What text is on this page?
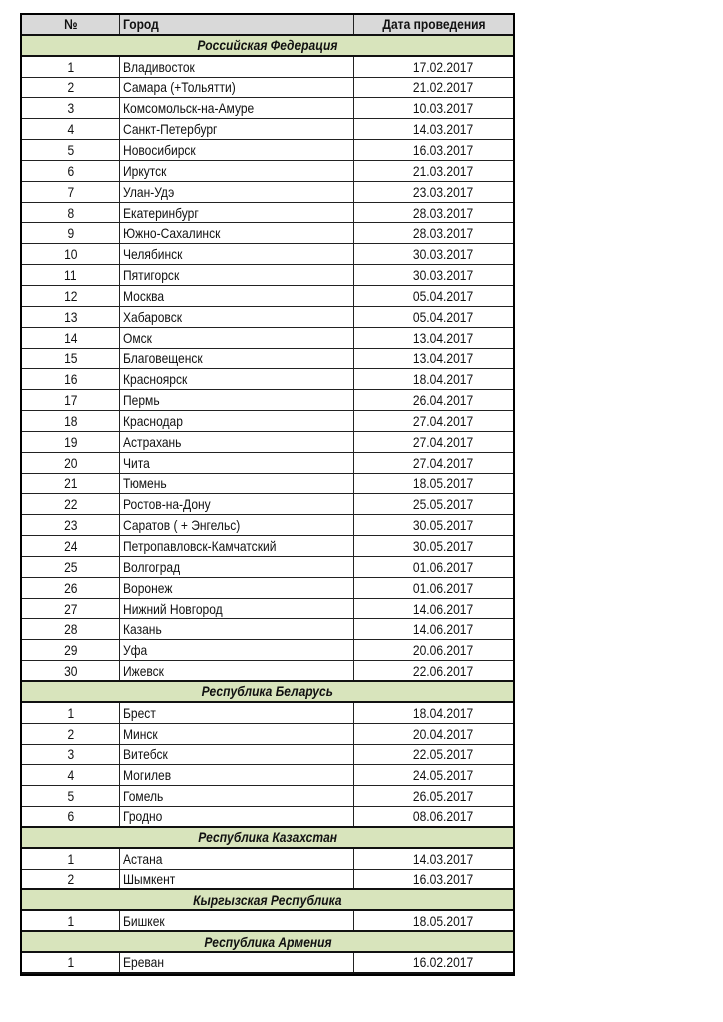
№	Город	Дата проведения
Российская Федерация
1	Владивосток	17.02.2017
2	Самара (+Тольятти)	21.02.2017
3	Комсомольск-на-Амуре	10.03.2017
4	Санкт-Петербург	14.03.2017
5	Новосибирск	16.03.2017
6	Иркутск	21.03.2017
7	Улан-Удэ	23.03.2017
8	Екатеринбург	28.03.2017
9	Южно-Сахалинск	28.03.2017
10	Челябинск	30.03.2017
11	Пятигорск	30.03.2017
12	Москва	05.04.2017
13	Хабаровск	05.04.2017
14	Омск	13.04.2017
15	Благовещенск	13.04.2017
16	Красноярск	18.04.2017
17	Пермь	26.04.2017
18	Краснодар	27.04.2017
19	Астрахань	27.04.2017
20	Чита	27.04.2017
21	Тюмень	18.05.2017
22	Ростов-на-Дону	25.05.2017
23	Саратов ( + Энгельс)	30.05.2017
24	Петропавловск-Камчатский	30.05.2017
25	Волгоград	01.06.2017
26	Воронеж	01.06.2017
27	Нижний Новгород	14.06.2017
28	Казань	14.06.2017
29	Уфа	20.06.2017
30	Ижевск	22.06.2017
Республика Беларусь
1	Брест	18.04.2017
2	Минск	20.04.2017
3	Витебск	22.05.2017
4	Могилев	24.05.2017
5	Гомель	26.05.2017
6	Гродно	08.06.2017
Республика Казахстан
1	Астана	14.03.2017
2	Шымкент	16.03.2017
Кыргызская Республика
1	Бишкек	18.05.2017
Республика Армения
1	Ереван	16.02.2017
